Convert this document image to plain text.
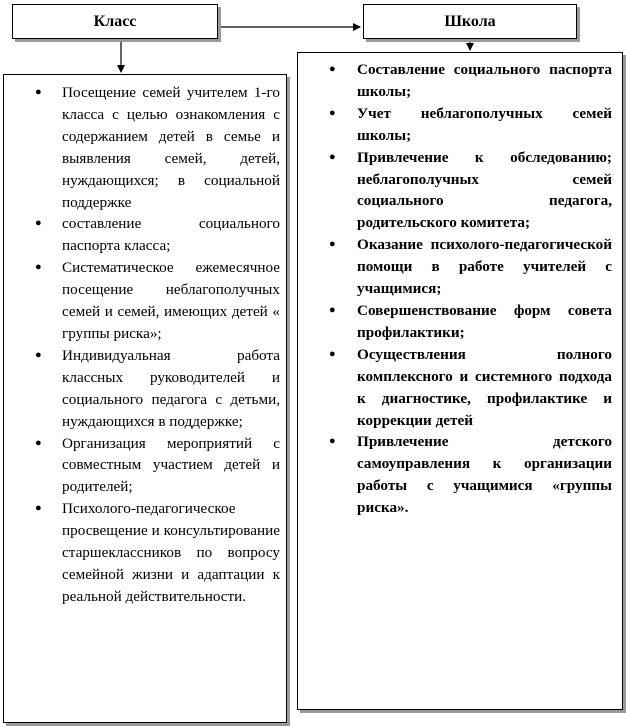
Класс	Школа
● Посещение семей учителем 1-го класса с целью ознакомления с содержанием детей в семье и выявления семей, детей, нуждающихся; в социальной поддержке
● составление социального паспорта класса;
● Систематическое ежемесячное посещение неблагополучных семей и семей, имеющих детей « группы риска»;
● Индивидуальная работа классных руководителей и социального педагога с детьми, нуждающихся в поддержке;
● Организация мероприятий с совместным участием детей и родителей;
● Психолого-педагогическое просвещение и консультирование старшеклассников по вопросу семейной жизни и адаптации к реальной действительности.
● Составление социального паспорта школы;
● Учет неблагополучных семей школы;
● Привлечение к обследованию; неблагополучных семей социального педагога, родительского комитета;
● Оказание психолого-педагогической помощи в работе учителей с учащимися;
● Совершенствование форм совета профилактики;
● Осуществления полного комплексного и системного подхода к диагностике, профилактике и коррекции детей
● Привлечение детского самоуправления к организации работы с учащимися «группы риска».
